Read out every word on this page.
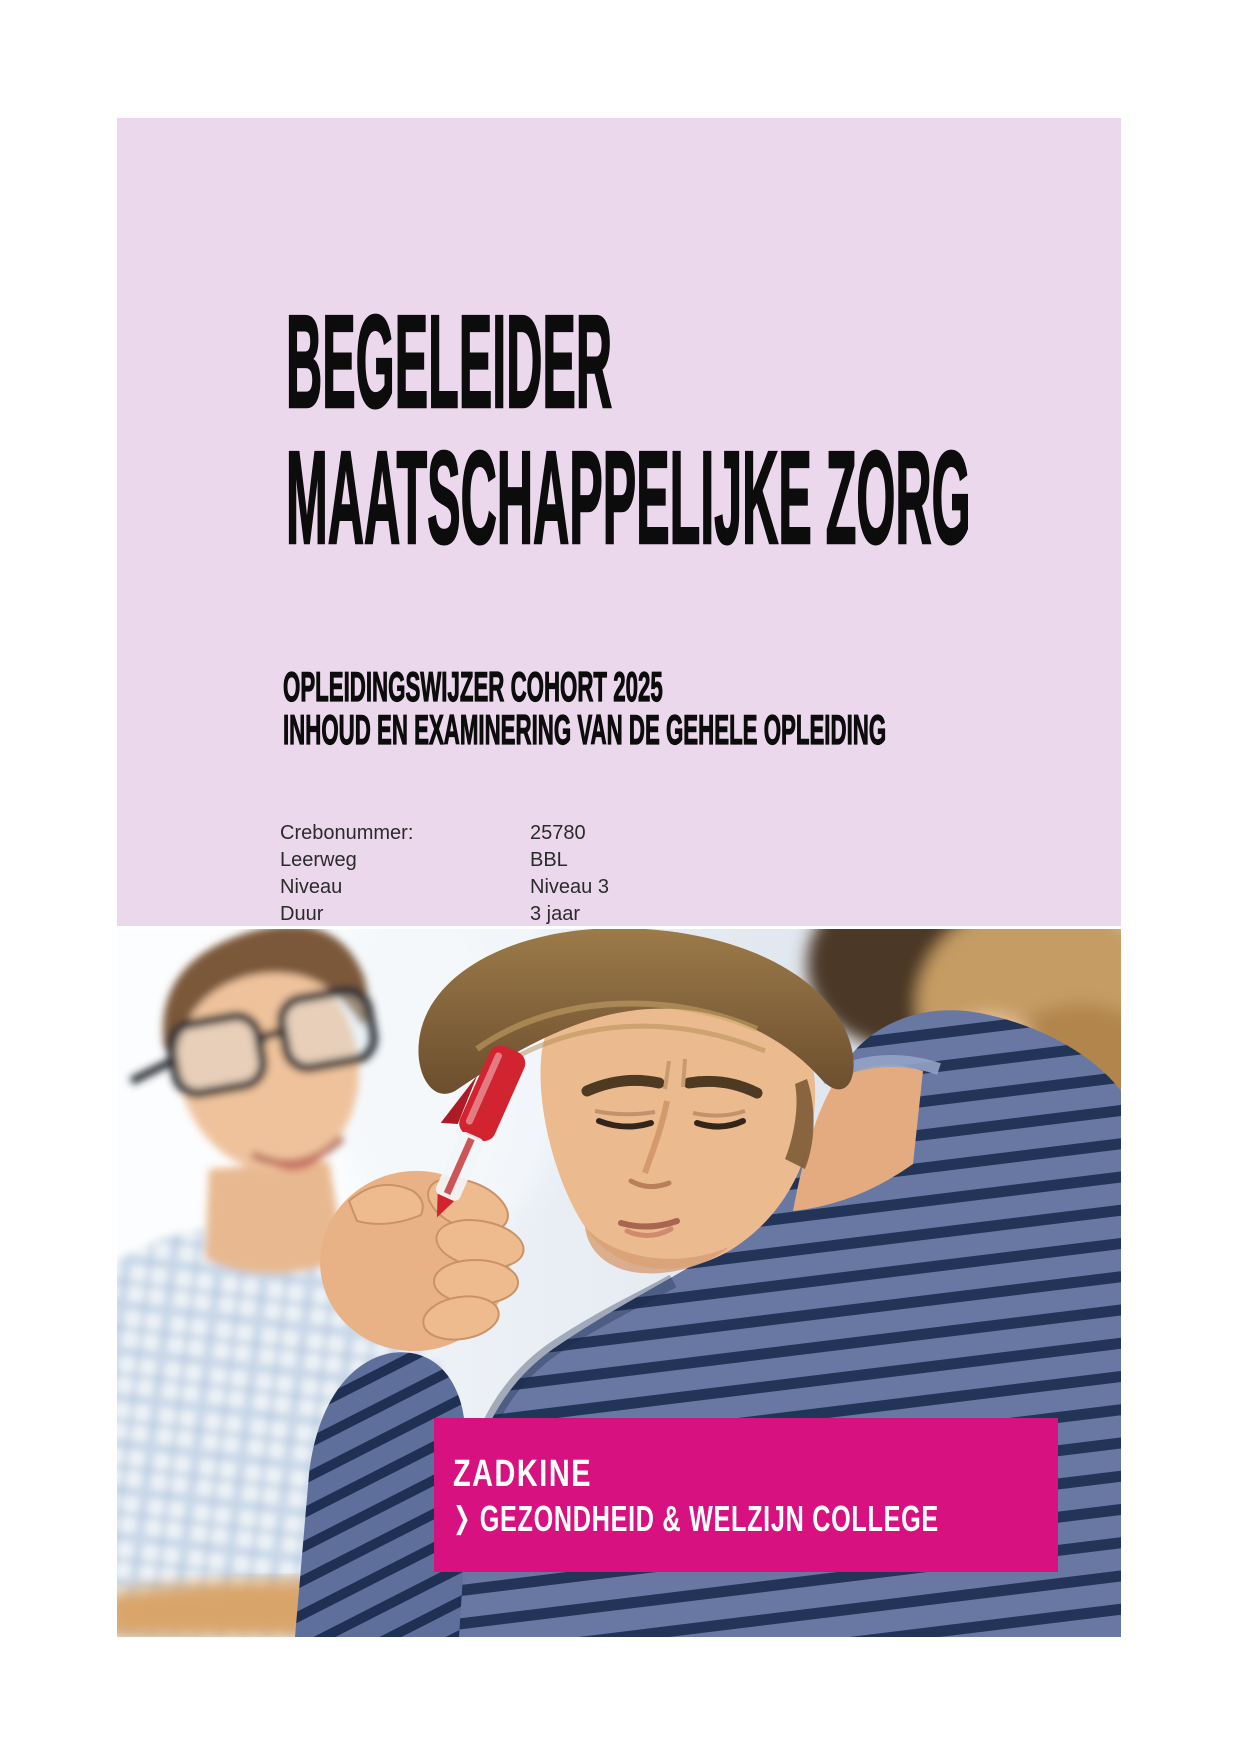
BEGELEIDER
MAATSCHAPPELIJKE ZORG
OPLEIDINGSWIJZER COHORT 2025
INHOUD EN EXAMINERING VAN DE GEHELE OPLEIDING
Crebonummer:	25780
Leerweg	BBL
Niveau	Niveau 3
Duur	3 jaar
ZADKINE
❯ GEZONDHEID & WELZIJN COLLEGE
